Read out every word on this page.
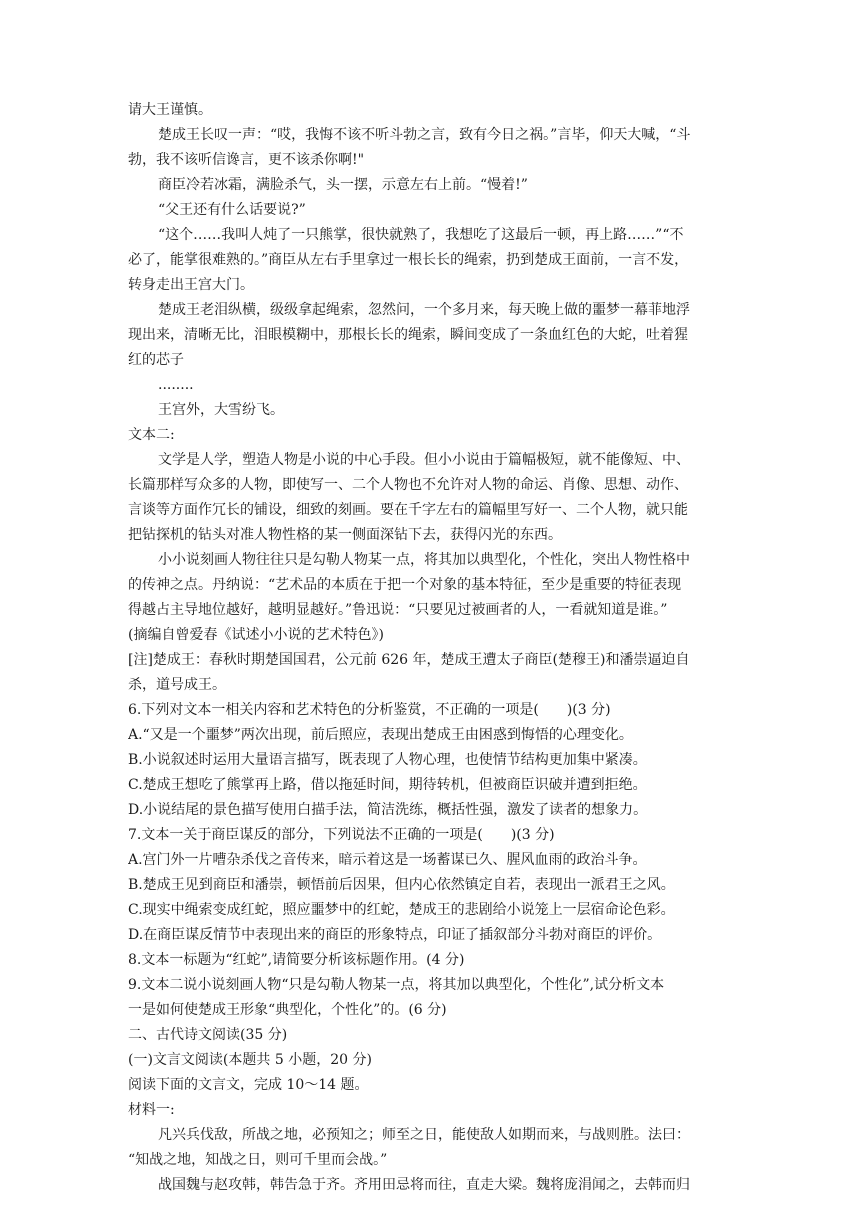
请大王谨慎。
楚成王长叹一声：“哎，我悔不该不听斗勃之言，致有今日之祸。”言毕，仰天大喊，“斗
勃，我不该听信谗言，更不该杀你啊!"
商臣冷若冰霜，满脸杀气，头一摆，示意左右上前。“慢着!”
“父王还有什么话要说?”
“这个……我叫人炖了一只熊掌，很快就熟了，我想吃了这最后一顿，再上路……”“不
必了，能掌很难熟的。”商臣从左右手里拿过一根长长的绳索，扔到楚成王面前，一言不发，
转身走出王宫大门。
楚成王老泪纵横，级级拿起绳索，忽然问，一个多月来，每天晚上做的噩梦一幕菲地浮
现出来，清晰无比，泪眼模糊中，那根长长的绳索，瞬间变成了一条血红色的大蛇，吐着猩
红的芯子
........
王宫外，大雪纷飞。
文本二:
文学是人学，塑造人物是小说的中心手段。但小小说由于篇幅极短，就不能像短、中、
长篇那样写众多的人物，即使写一、二个人物也不允许对人物的命运、肖像、思想、动作、
言谈等方面作冗长的铺设，细致的刻画。要在千字左右的篇幅里写好一、二个人物，就只能
把钻探机的钻头对准人物性格的某一侧面深钻下去，获得闪光的东西。
小小说刻画人物往往只是勾勒人物某一点，将其加以典型化，个性化，突出人物性格中
的传神之点。丹纳说：“艺术品的本质在于把一个对象的基本特征，至少是重要的特征表现
得越占主导地位越好，越明显越好。”鲁迅说：“只要见过被画者的人，一看就知道是谁。”
(摘编自曾爱春《试述小小说的艺术特色》)
[注]楚成王：春秋时期楚国国君，公元前 626 年，楚成王遭太子商臣(楚穆王)和潘崇逼迫自
杀，道号成王。
6.下列对文本一相关内容和艺术特色的分析鉴赏，不正确的一项是(　　)(3 分)
A.“又是一个噩梦”两次出现，前后照应，表现出楚成王由困惑到悔悟的心理变化。
B.小说叙述时运用大量语言描写，既表现了人物心理，也使情节结构更加集中紧凑。
C.楚成王想吃了熊掌再上路，借以拖延时间，期待转机，但被商臣识破并遭到拒绝。
D.小说结尾的景色描写使用白描手法，简洁洗练，概括性强，激发了读者的想象力。
7.文本一关于商臣谋反的部分，下列说法不正确的一项是(　　)(3 分)
A.宫门外一片嘈杂杀伐之音传来，暗示着这是一场蓄谋已久、腥风血雨的政治斗争。
B.楚成王见到商臣和潘崇，顿悟前后因果，但内心依然镇定自若，表现出一派君王之风。
C.现实中绳索变成红蛇，照应噩梦中的红蛇，楚成王的悲剧给小说笼上一层宿命论色彩。
D.在商臣谋反情节中表现出来的商臣的形象特点，印证了插叙部分斗勃对商臣的评价。
8.文本一标题为“红蛇”,请简要分析该标题作用。(4 分)
9.文本二说小说刻画人物“只是勾勒人物某一点，将其加以典型化，个性化”,试分析文本
一是如何使楚成王形象“典型化，个性化”的。(6 分)
二、古代诗文阅读(35 分)
(一)文言文阅读(本题共 5 小题，20 分)
阅读下面的文言文，完成 10～14 题。
材料一:
凡兴兵伐敌，所战之地，必预知之；师至之日，能使敌人如期而来，与战则胜。法曰：
“知战之地，知战之日，则可千里而会战。”
战国魏与赵攻韩，韩告急于齐。齐用田忌将而往，直走大梁。魏将庞涓闻之，去韩而归
